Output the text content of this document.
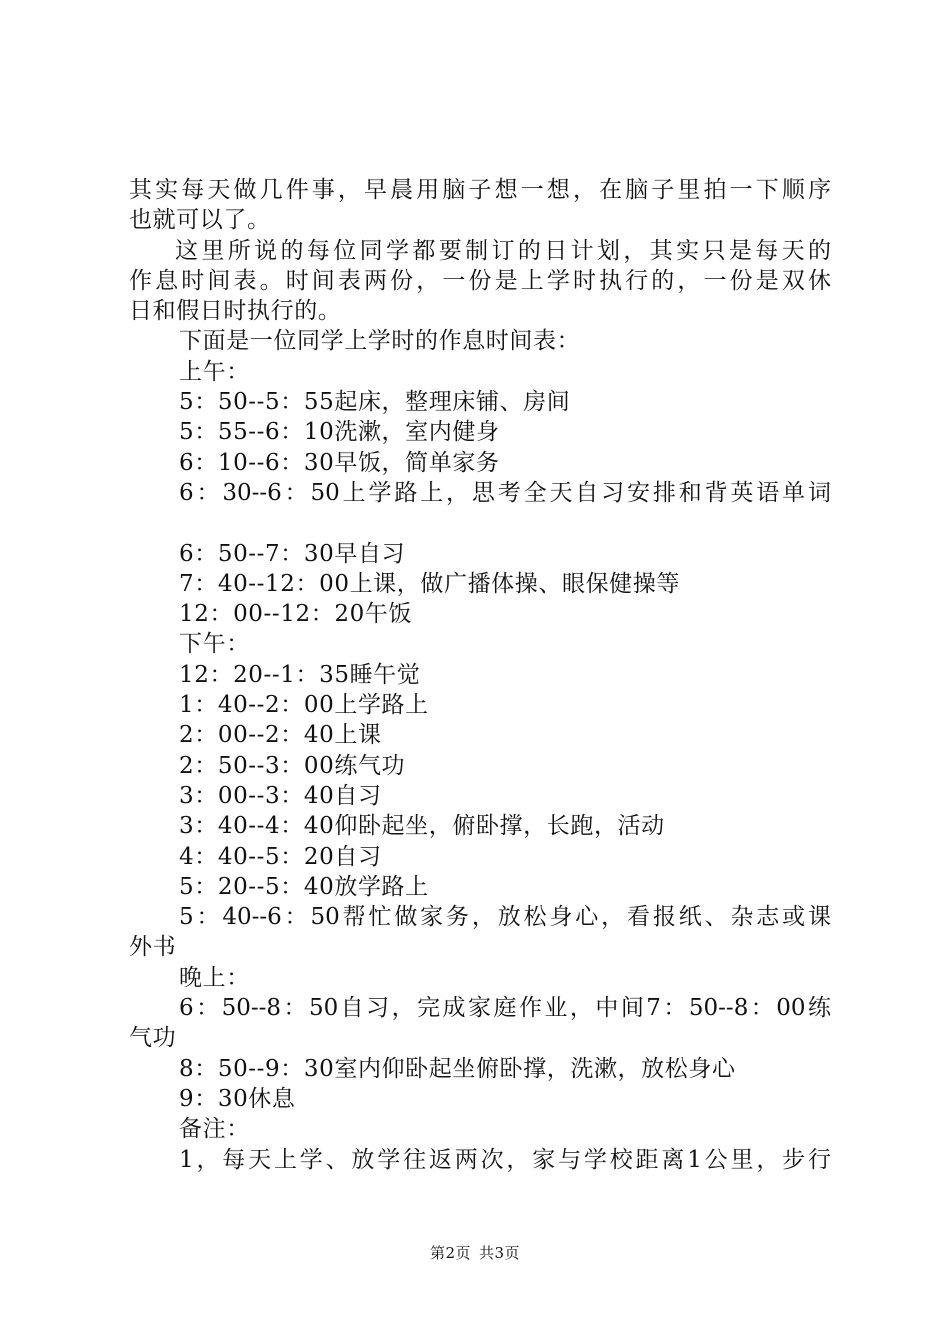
其实每天做几件事，早晨用脑子想一想，在脑子里拍一下顺序
也就可以了。
这里所说的每位同学都要制订的日计划，其实只是每天的
作息时间表。时间表两份，一份是上学时执行的，一份是双休
日和假日时执行的。
下面是一位同学上学时的作息时间表：
上午：
5：50--5：55起床，整理床铺、房间
5：55--6：10洗漱，室内健身
6：10--6：30早饭，简单家务
6：30--6：50上学路上，思考全天自习安排和背英语单词
6：50--7：30早自习
7：40--12：00上课，做广播体操、眼保健操等
12：00--12：20午饭
下午：
12：20--1：35睡午觉
1：40--2：00上学路上
2：00--2：40上课
2：50--3：00练气功
3：00--3：40自习
3：40--4：40仰卧起坐，俯卧撑，长跑，活动
4：40--5：20自习
5：20--5：40放学路上
5：40--6：50帮忙做家务，放松身心，看报纸、杂志或课
外书
晚上：
6：50--8：50自习，完成家庭作业，中间7：50--8：00练
气功
8：50--9：30室内仰卧起坐俯卧撑，洗漱，放松身心
9：30休息
备注：
1，每天上学、放学往返两次，家与学校距离1公里，步行
第2页 共3页
